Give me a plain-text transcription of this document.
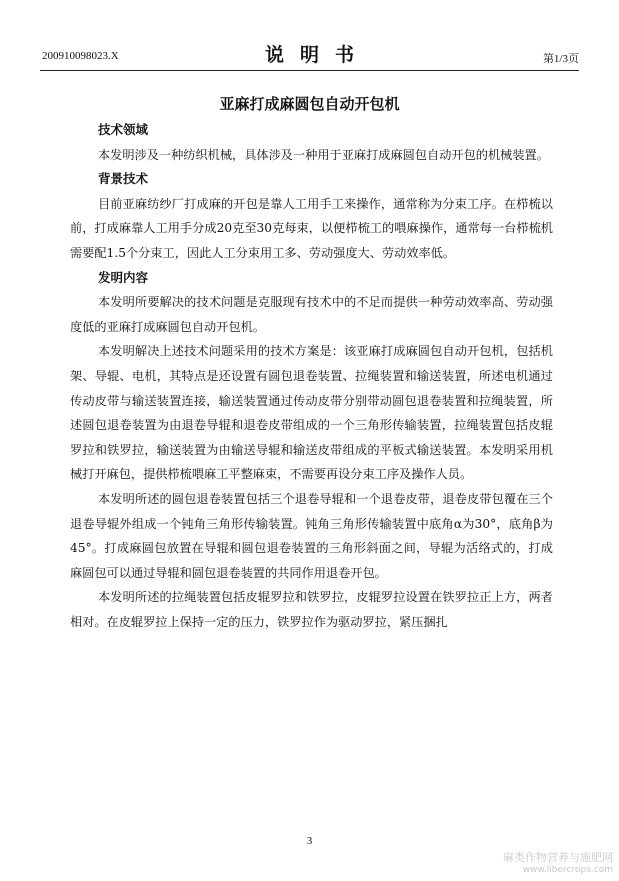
200910098023.X	说明书	第1/3页
亚麻打成麻圆包自动开包机
技术领域

本发明涉及一种纺织机械，具体涉及一种用于亚麻打成麻圆包自动开包的机械装置。

背景技术

目前亚麻纺纱厂打成麻的开包是靠人工用手工来操作，通常称为分束工序。在栉梳以前，打成麻靠人工用手分成20克至30克每束，以便栉梳工的喂麻操作，通常每一台栉梳机需要配1.5个分束工，因此人工分束用工多、劳动强度大、劳动效率低。

发明内容

本发明所要解决的技术问题是克服现有技术中的不足而提供一种劳动效率高、劳动强度低的亚麻打成麻圆包自动开包机。

本发明解决上述技术问题采用的技术方案是：该亚麻打成麻圆包自动开包机，包括机架、导辊、电机，其特点是还设置有圆包退卷装置、拉绳装置和输送装置，所述电机通过传动皮带与输送装置连接，输送装置通过传动皮带分别带动圆包退卷装置和拉绳装置，所述圆包退卷装置为由退卷导辊和退卷皮带组成的一个三角形传输装置，拉绳装置包括皮辊罗拉和铁罗拉，输送装置为由输送导辊和输送皮带组成的平板式输送装置。本发明采用机械打开麻包，提供栉梳喂麻工平整麻束，不需要再设分束工序及操作人员。

本发明所述的圆包退卷装置包括三个退卷导辊和一个退卷皮带，退卷皮带包覆在三个退卷导辊外组成一个钝角三角形传输装置。钝角三角形传输装置中底角α为30°，底角β为45°。打成麻圆包放置在导辊和圆包退卷装置的三角形斜面之间，导辊为活络式的，打成麻圆包可以通过导辊和圆包退卷装置的共同作用退卷开包。

本发明所述的拉绳装置包括皮辊罗拉和铁罗拉，皮辊罗拉设置在铁罗拉正上方，两者相对。在皮辊罗拉上保持一定的压力，铁罗拉作为驱动罗拉，紧压捆扎

3
麻类作物营养与施肥网
www.libercrops.com
